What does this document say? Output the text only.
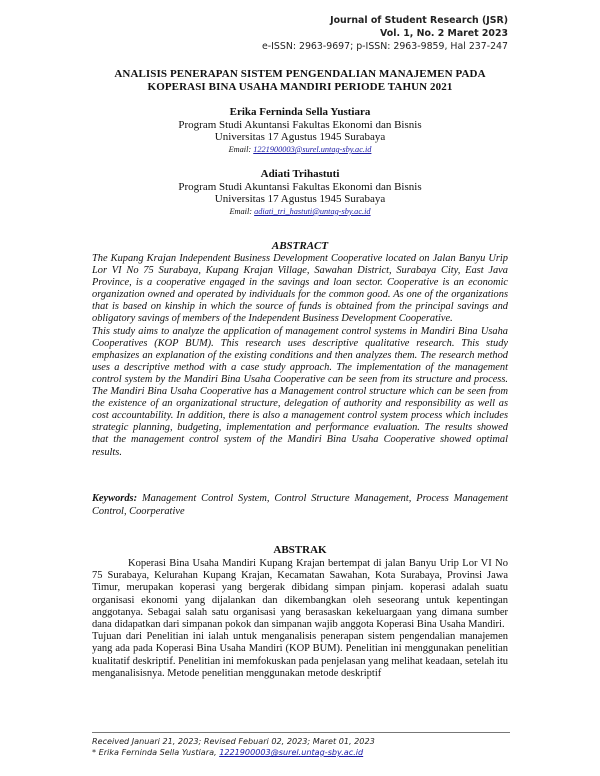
Journal of Student Research (JSR)
Vol. 1, No. 2 Maret 2023
e-ISSN: 2963-9697; p-ISSN: 2963-9859, Hal 237-247
ANALISIS PENERAPAN SISTEM PENGENDALIAN MANAJEMEN PADA
KOPERASI BINA USAHA MANDIRI PERIODE TAHUN 2021
Erika Ferninda Sella Yustiara
Program Studi Akuntansi Fakultas Ekonomi dan Bisnis
Universitas 17 Agustus 1945 Surabaya
Email: 1221900003@surel.untag-sby.ac.id
Adiati Trihastuti
Program Studi Akuntansi Fakultas Ekonomi dan Bisnis
Universitas 17 Agustus 1945 Surabaya
Email: adiati_tri_hastuti@untag-sby.ac.id
ABSTRACT

The Kupang Krajan Independent Business Development Cooperative located on Jalan Banyu Urip Lor VI No 75 Surabaya, Kupang Krajan Village, Sawahan District, Surabaya City, East Java Province, is a cooperative engaged in the savings and loan sector. Cooperative is an economic organization owned and operated by individuals for the common good. As one of the organizations that is based on kinship in which the source of funds is obtained from the principal savings and obligatory savings of members of the Independent Business Development Cooperative.

This study aims to analyze the application of management control systems in Mandiri Bina Usaha Cooperatives (KOP BUM). This research uses descriptive qualitative research. This study emphasizes an explanation of the existing conditions and then analyzes them. The research method uses a descriptive method with a case study approach. The implementation of the management control system by the Mandiri Bina Usaha Cooperative can be seen from its structure and process. The Mandiri Bina Usaha Cooperative has a Management control structure which can be seen from the existence of an organizational structure, delegation of authority and responsibility as well as cost accountability. In addition, there is also a management control system process which includes strategic planning, budgeting, implementation and performance evaluation. The results showed that the management control system of the Mandiri Bina Usaha Cooperative showed optimal results.

Keywords: Management Control System, Control Structure Management, Process Management Control, Coorperative
ABSTRAK

Koperasi Bina Usaha Mandiri Kupang Krajan bertempat di jalan Banyu Urip Lor VI No 75 Surabaya, Kelurahan Kupang Krajan, Kecamatan Sawahan, Kota Surabaya, Provinsi Jawa Timur, merupakan koperasi yang bergerak dibidang simpan pinjam. koperasi adalah suatu organisasi ekonomi yang dijalankan dan dikembangkan oleh seseorang untuk kepentingan anggotanya. Sebagai salah satu organisasi yang berasaskan kekeluargaan yang dimana sumber dana didapatkan dari simpanan pokok dan simpanan wajib anggota Koperasi Bina Usaha Mandiri.

Tujuan dari Penelitian ini ialah untuk menganalisis penerapan sistem pengendalian manajemen yang ada pada Koperasi Bina Usaha Mandiri (KOP BUM). Penelitian ini menggunakan penelitian kualitatif deskriptif. Penelitian ini memfokuskan pada penjelasan yang melihat keadaan, setelah itu menganalisisnya. Metode penelitian menggunakan metode deskriptif

Received Januari 21, 2023; Revised Febuari 02, 2023; Maret 01, 2023
* Erika Ferninda Sella Yustiara, 1221900003@surel.untag-sby.ac.id
